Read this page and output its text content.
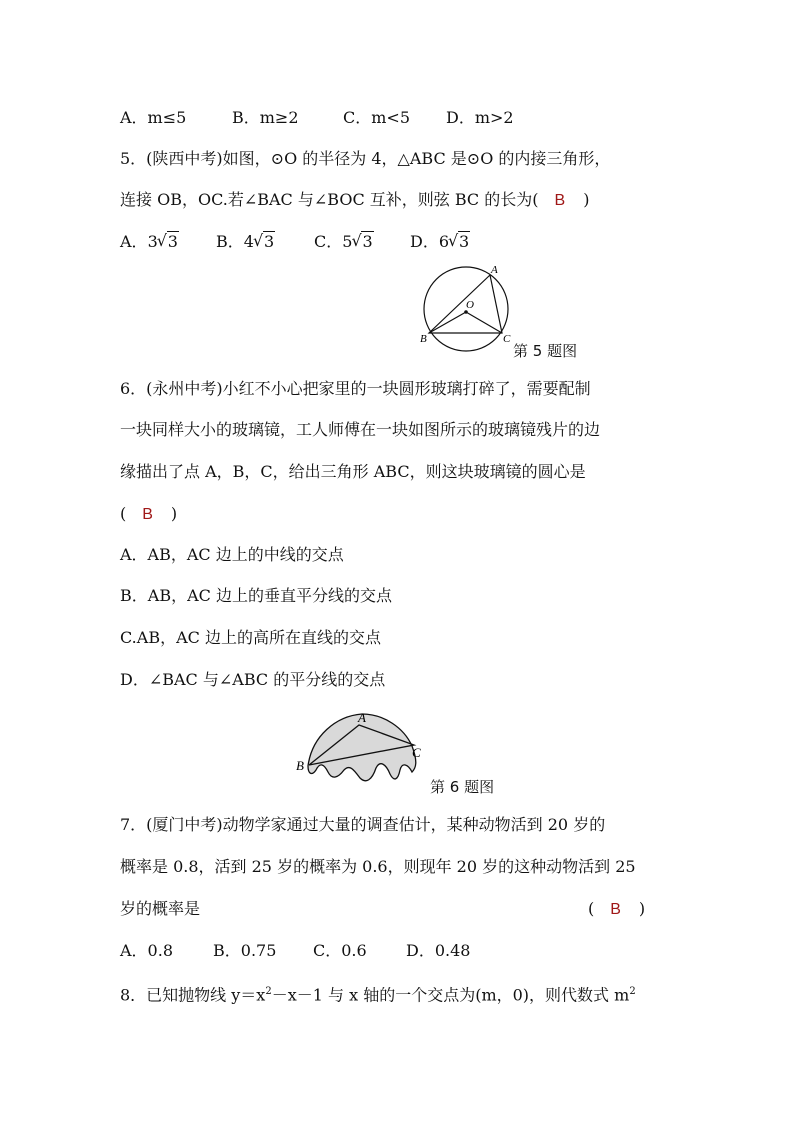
A．m≤5	B．m≥2	C．m<5 D．m>2
5．(陕西中考)如图，⊙O 的半径为 4，△ABC 是⊙O 的内接三角形，
连接 OB，OC.若∠BAC 与∠BOC 互补，则弦 BC 的长为( B )
A．3 √ 3 B．4 √ 3 C．5 √ 3 D．6 √ 3
A
O
B	C
第 5 题图
6．(永州中考)小红不小心把家里的一块圆形玻璃打碎了，需要配制
一块同样大小的玻璃镜，工人师傅在一块如图所示的玻璃镜残片的边
缘描出了点 A，B，C，给出三角形 ABC，则这块玻璃镜的圆心是
( B )
A．AB，AC 边上的中线的交点
B．AB，AC 边上的垂直平分线的交点
C.AB，AC 边上的高所在直线的交点
D．∠BAC 与∠ABC 的平分线的交点
A
B
C
第 6 题图
7．(厦门中考)动物学家通过大量的调查估计，某种动物活到 20 岁的
概率是 0.8，活到 25 岁的概率为 0.6，则现年 20 岁的这种动物活到 25
岁的概率是	( B )
A．0.8 B．0.75 C．0.6 D．0.48
8．已知抛物线 $y=x^2-x-1$ 与 x 轴的一个交点为(m，0)，则代数式 $m^2$
